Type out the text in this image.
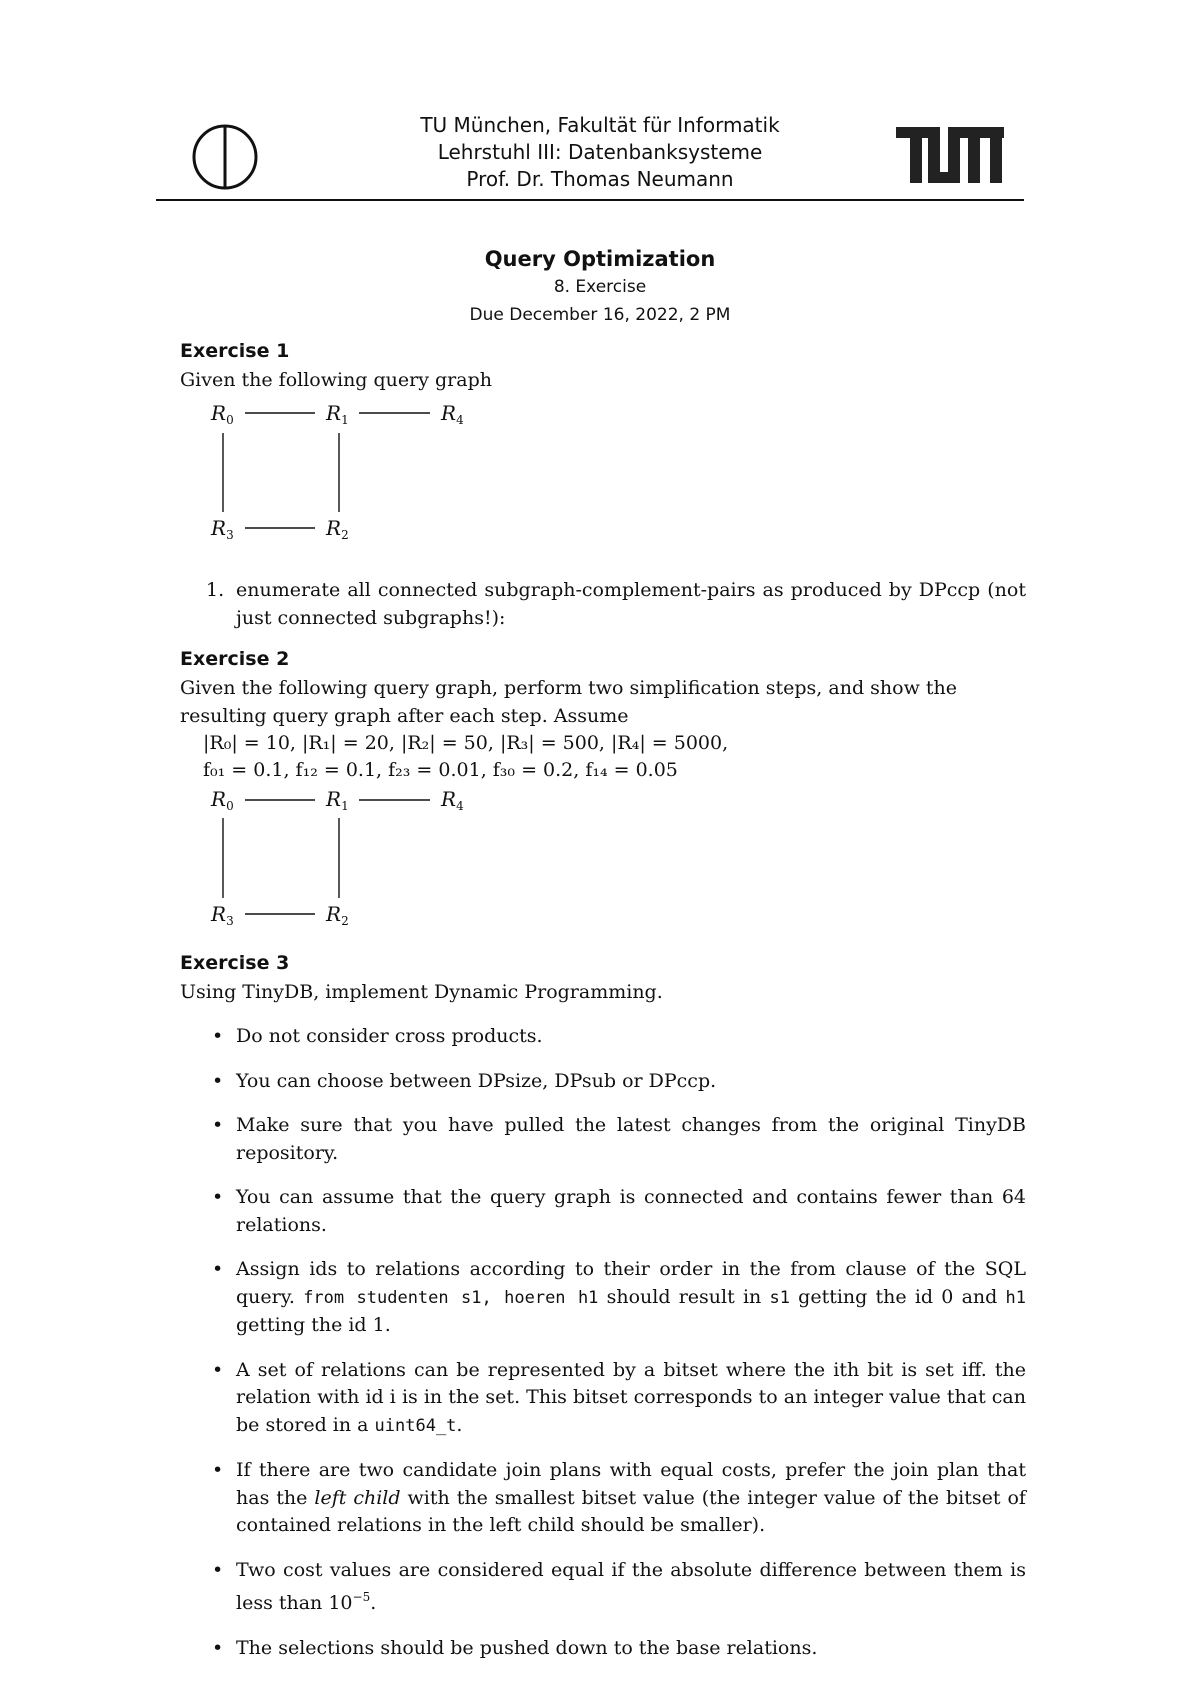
TU München, Fakultät für Informatik
Lehrstuhl III: Datenbanksysteme
Prof. Dr. Thomas Neumann
Query Optimization
8. Exercise
Due December 16, 2022, 2 PM
Exercise 1
Given the following query graph
$R_0$	$R_1$	$R_4$
$R_3$	$R_2$
1. enumerate all connected subgraph-complement-pairs as produced by DPccp (not just connected subgraphs!):
Exercise 2
Given the following query graph, perform two simplification steps, and show the resulting query graph after each step. Assume
|R₀| = 10, |R₁| = 20, |R₂| = 50, |R₃| = 500, |R₄| = 5000,
f₀₁ = 0.1, f₁₂ = 0.1, f₂₃ = 0.01, f₃₀ = 0.2, f₁₄ = 0.05
$R_0$	$R_1$	$R_4$
$R_3$	$R_2$
Exercise 3
Using TinyDB, implement Dynamic Programming.
• Do not consider cross products.
• You can choose between DPsize, DPsub or DPccp.
• Make sure that you have pulled the latest changes from the original TinyDB repository.
• You can assume that the query graph is connected and contains fewer than 64 relations.
• Assign ids to relations according to their order in the from clause of the SQL query. from studenten s1, hoeren h1 should result in s1 getting the id 0 and h1 getting the id 1.
• A set of relations can be represented by a bitset where the ith bit is set iff. the relation with id i is in the set. This bitset corresponds to an integer value that can be stored in a uint64_t.
• If there are two candidate join plans with equal costs, prefer the join plan that has the left child with the smallest bitset value (the integer value of the bitset of contained relations in the left child should be smaller).
• Two cost values are considered equal if the absolute difference between them is less than $10^{-5}$.
• The selections should be pushed down to the base relations.
